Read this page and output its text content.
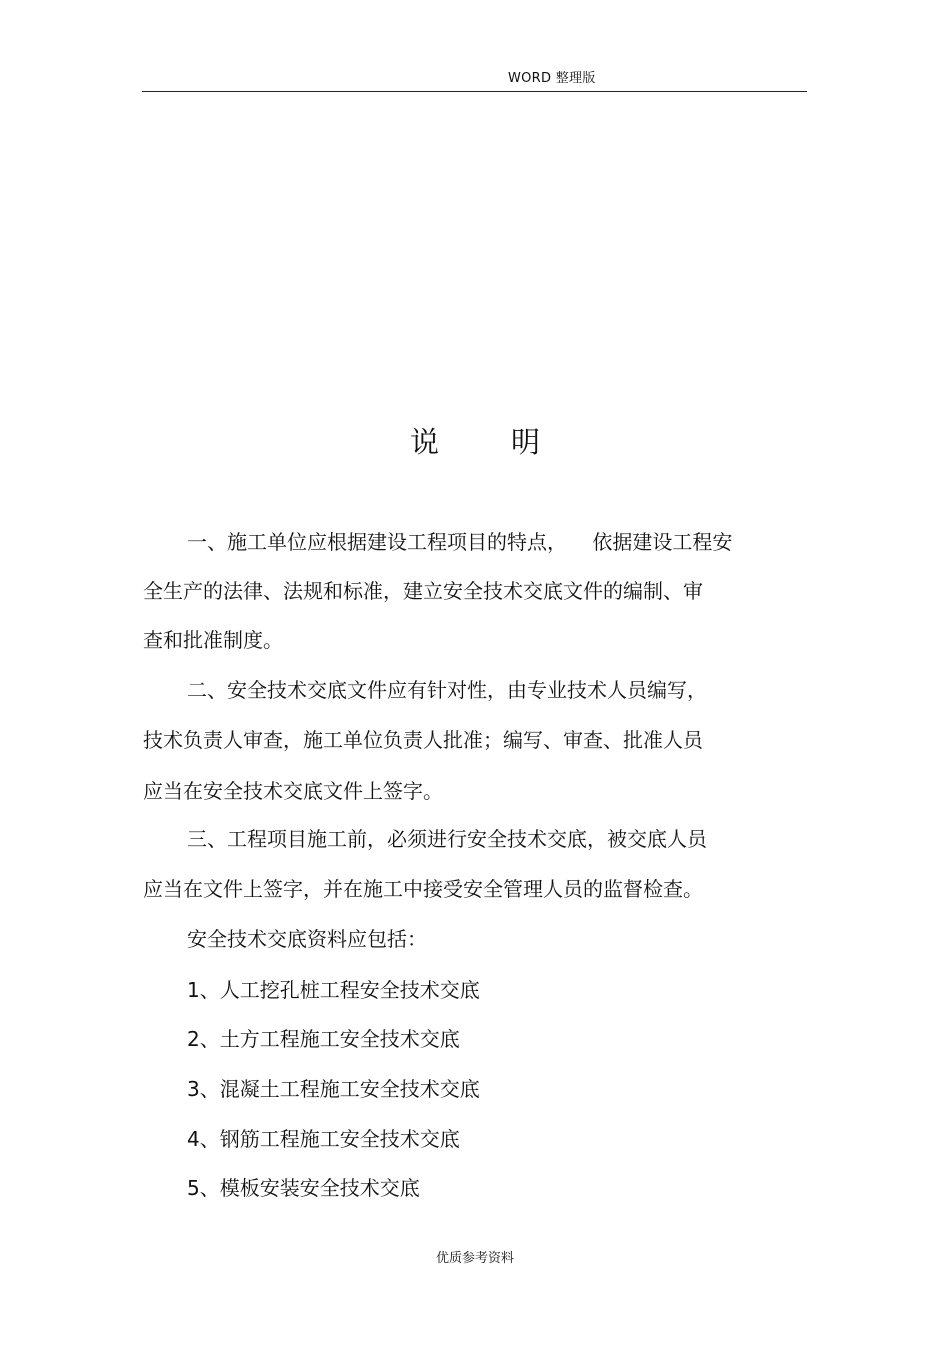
WORD 整理版
说 明
一、施工单位应根据建设工程项目的特点，    依据建设工程安
全生产的法律、法规和标准，建立安全技术交底文件的编制、审
查和批准制度。
二、安全技术交底文件应有针对性，由专业技术人员编写，
技术负责人审查，施工单位负责人批准；编写、审查、批准人员
应当在安全技术交底文件上签字。
三、工程项目施工前，必须进行安全技术交底，被交底人员
应当在文件上签字，并在施工中接受安全管理人员的监督检查。
安全技术交底资料应包括：
1、人工挖孔桩工程安全技术交底
2、土方工程施工安全技术交底
3、混凝土工程施工安全技术交底
4、钢筋工程施工安全技术交底
5、模板安装安全技术交底
优质参考资料
